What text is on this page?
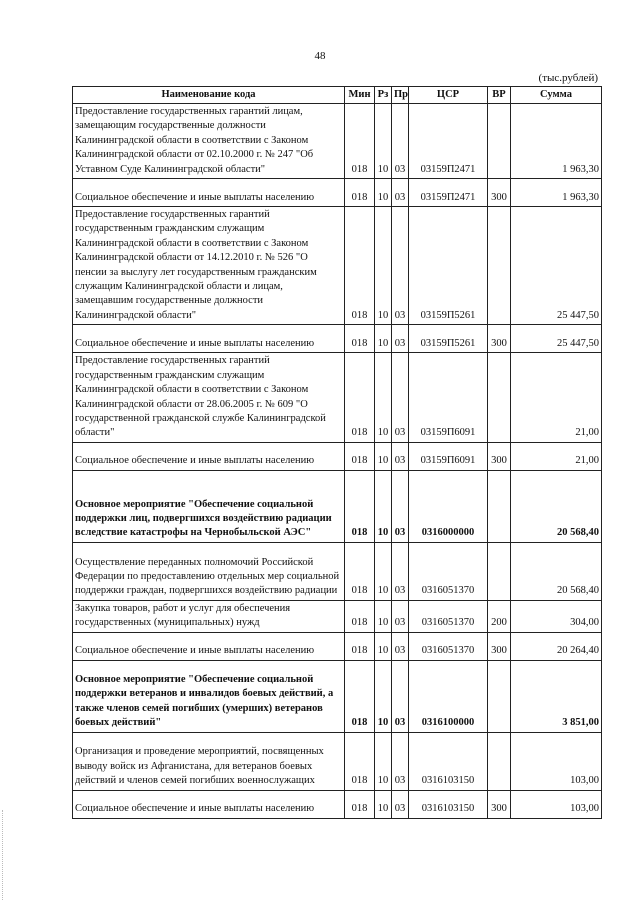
48
(тыс.рублей)
Наименование кода	Мин	Рз	Пр	ЦСР	ВР	Сумма
Предоставление государственных гарантий лицам, замещающим государственные должности Калининградской области в соответствии с Законом Калининградской области от 02.10.2000 г. № 247 "Об Уставном Суде Калининградской области"	018	10	03	03159П2471		1 963,30
Социальное обеспечение и иные выплаты населению	018	10	03	03159П2471	300	1 963,30
Предоставление государственных гарантий государственным гражданским служащим Калининградской области в соответствии с Законом Калининградской области от 14.12.2010 г. № 526 "О пенсии за выслугу лет государственным гражданским служащим Калининградской области и лицам, замещавшим государственные должности Калининградской области"	018	10	03	03159П5261		25 447,50
Социальное обеспечение и иные выплаты населению	018	10	03	03159П5261	300	25 447,50
Предоставление государственных гарантий государственным гражданским служащим Калининградской области в соответствии с Законом Калининградской области от 28.06.2005 г. № 609 "О государственной гражданской службе Калининградской области"	018	10	03	03159П6091		21,00
Социальное обеспечение и иные выплаты населению	018	10	03	03159П6091	300	21,00
Основное мероприятие "Обеспечение социальной поддержки лиц, подвергшихся воздействию радиации вследствие катастрофы на Чернобыльской АЭС"	018	10	03	0316000000		20 568,40
Осуществление переданных полномочий Российской Федерации по предоставлению отдельных мер социальной поддержки граждан, подвергшихся воздействию радиации	018	10	03	0316051370		20 568,40
Закупка товаров, работ и услуг для обеспечения государственных (муниципальных) нужд	018	10	03	0316051370	200	304,00
Социальное обеспечение и иные выплаты населению	018	10	03	0316051370	300	20 264,40
Основное мероприятие "Обеспечение социальной поддержки ветеранов и инвалидов боевых действий, а также членов семей погибших (умерших) ветеранов боевых действий"	018	10	03	0316100000		3 851,00
Организация и проведение мероприятий, посвященных выводу войск из Афганистана, для ветеранов боевых действий и членов семей погибших военнослужащих	018	10	03	0316103150		103,00
Социальное обеспечение и иные выплаты населению	018	10	03	0316103150	300	103,00
